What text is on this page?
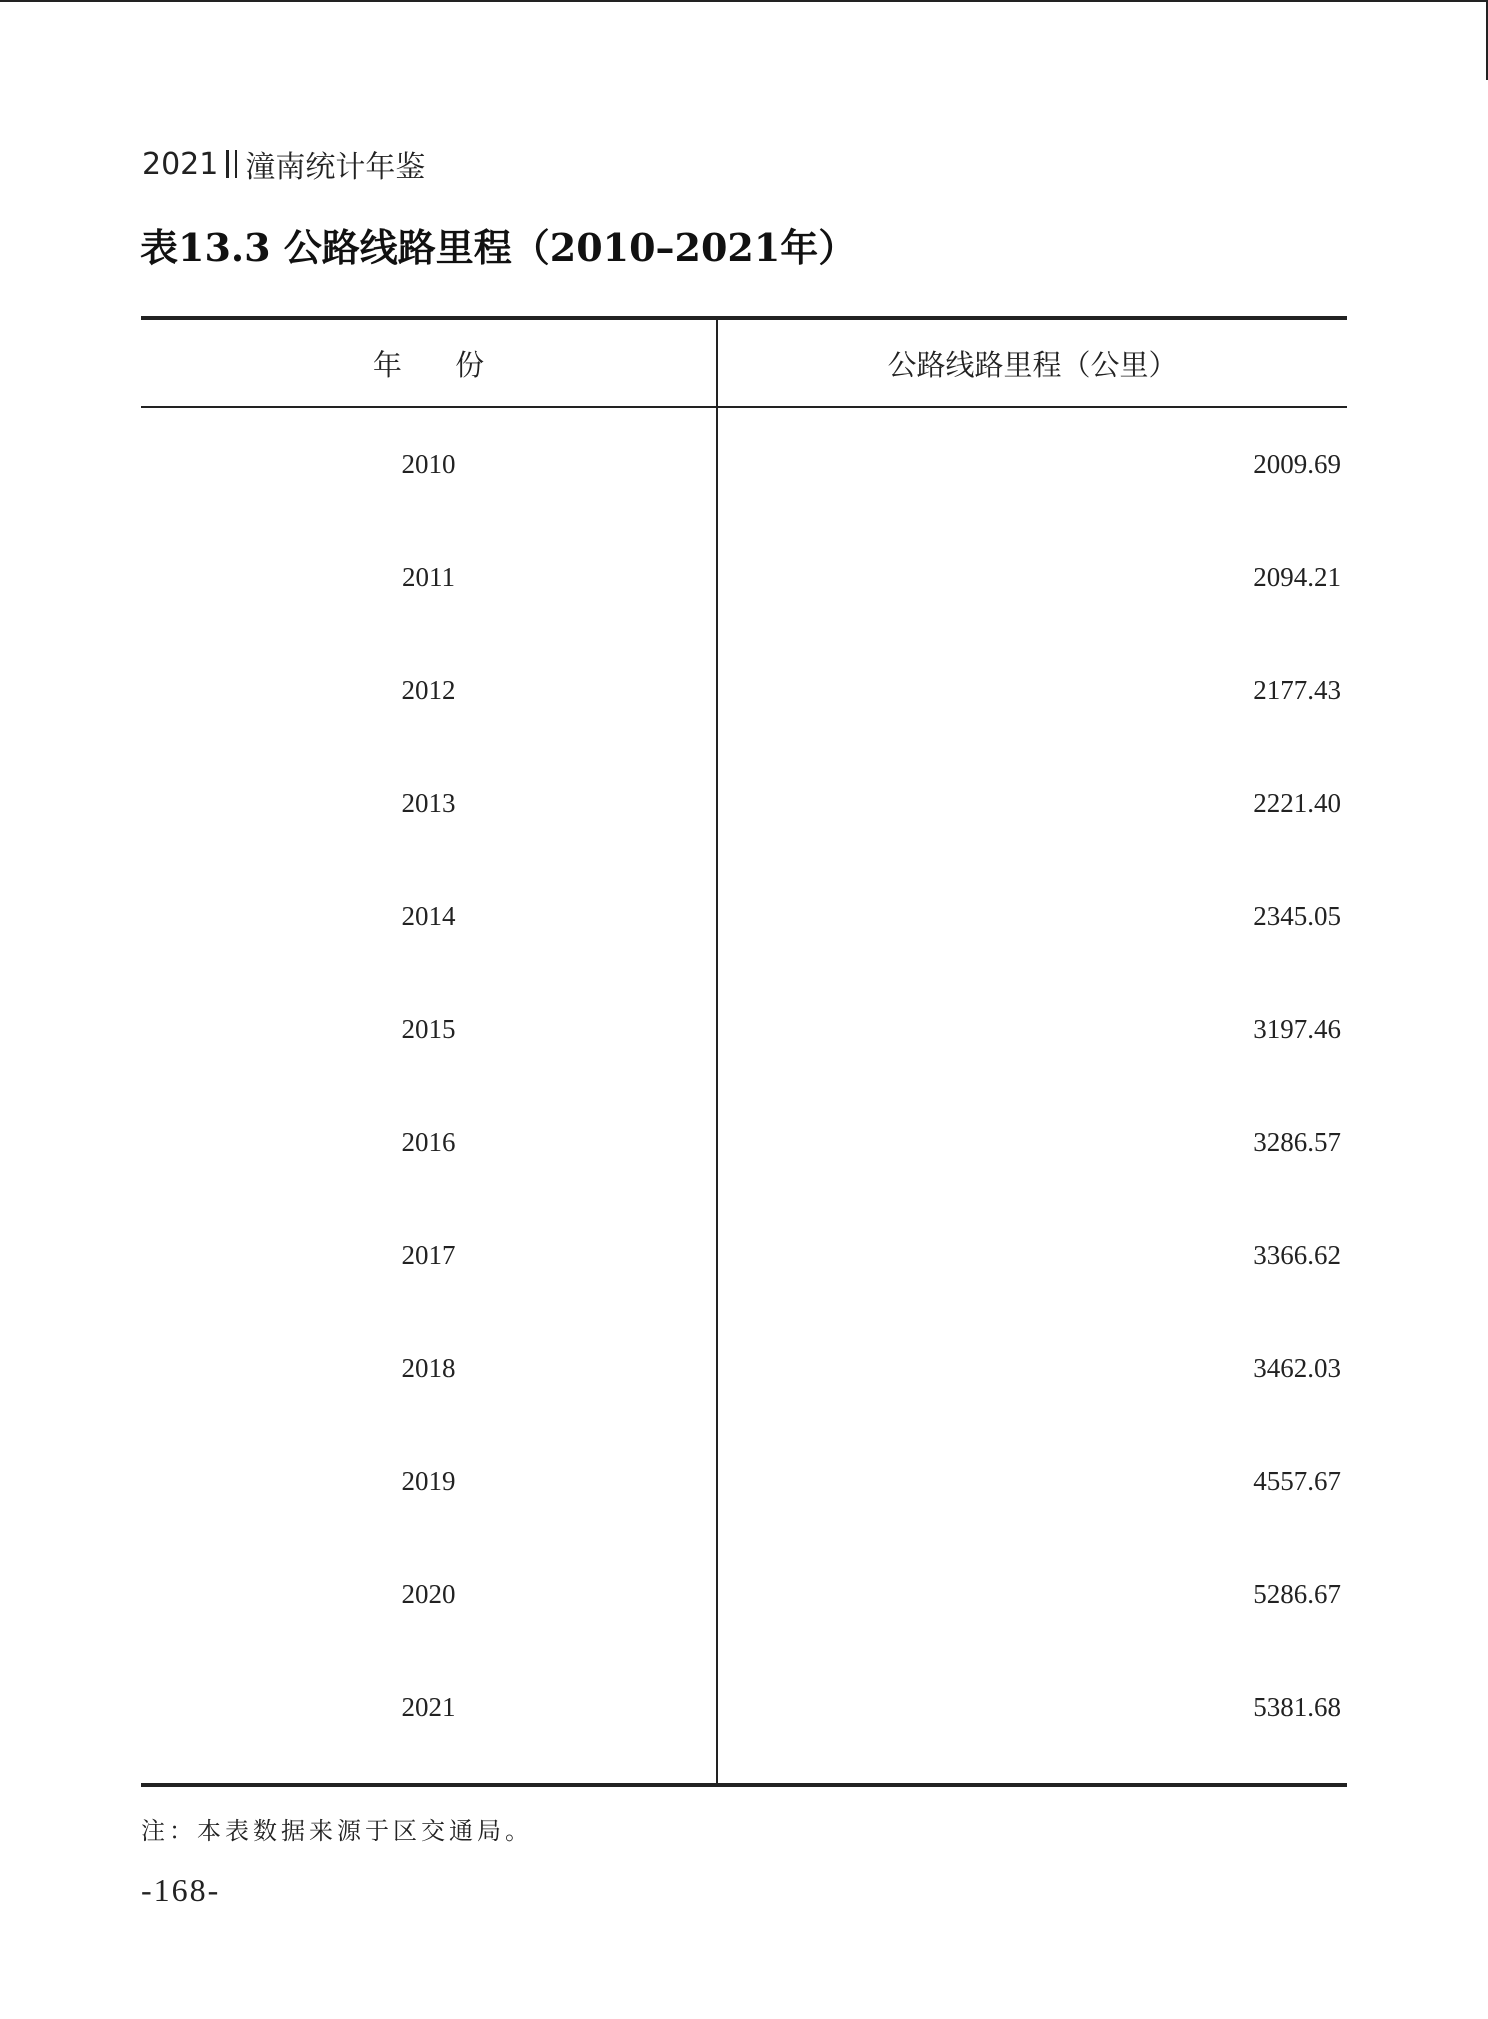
2021 潼南统计年鉴
表13.3 公路线路里程（2010–2021年）
年 份	公路线路里程（公里）
2010	2009.69
2011	2094.21
2012	2177.43
2013	2221.40
2014	2345.05
2015	3197.46
2016	3286.57
2017	3366.62
2018	3462.03
2019	4557.67
2020	5286.67
2021	5381.68
注：本表数据来源于区交通局。
-168-
